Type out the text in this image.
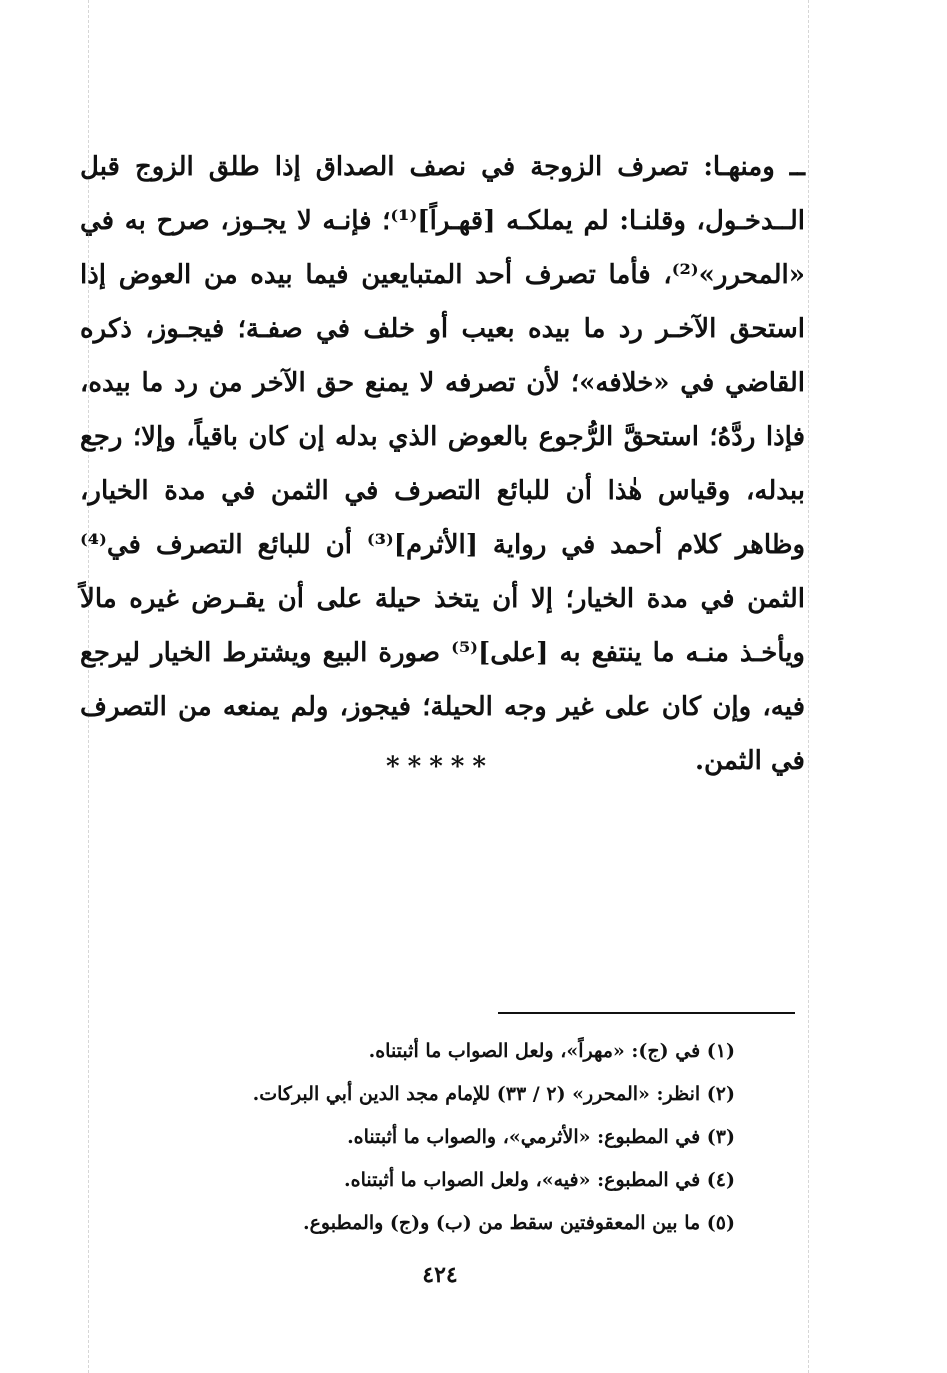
ــ ومنهـا: تصرف الزوجة في نصف الصداق إذا طلق الزوج قبل الــدخـول، وقلنـا: لم يملكـه [قهـراً]⁽¹⁾؛ فإنـه لا يجـوز، صرح به في «المحرر»⁽²⁾، فأما تصرف أحد المتبايعين فيما بيده من العوض إذا استحق الآخـر رد ما بيده بعيب أو خلف في صفـة؛ فيجـوز، ذكره القاضي في «خلافه»؛ لأن تصرفه لا يمنع حق الآخر من رد ما بيده، فإذا ردَّهُ؛ استحقَّ الرُّجوع بالعوض الذي بدله إن كان باقياً، وإلا؛ رجع ببدله، وقياس هٰذا أن للبائع التصرف في الثمن في مدة الخيار، وظاهر كلام أحمد في رواية [الأثرم]⁽³⁾ أن للبائع التصرف في⁽⁴⁾ الثمن في مدة الخيار؛ إلا أن يتخذ حيلة على أن يقـرض غيره مالاً ويأخـذ منـه ما ينتفع به [على]⁽⁵⁾ صورة البيع ويشترط الخيار ليرجع فيه، وإن كان على غير وجه الحيلة؛ فيجوز، ولم يمنعه من التصرف في الثمن.

*****
(١) في (ج): «مهراً»، ولعل الصواب ما أثبتناه.
(٢) انظر: «المحرر» (٢ / ٣٣) للإمام مجد الدين أبي البركات.
(٣) في المطبوع: «الأثرمي»، والصواب ما أثبتناه.
(٤) في المطبوع: «فيه»، ولعل الصواب ما أثبتناه.
(٥) ما بين المعقوفتين سقط من (ب) و(ج) والمطبوع.
٤٢٤
